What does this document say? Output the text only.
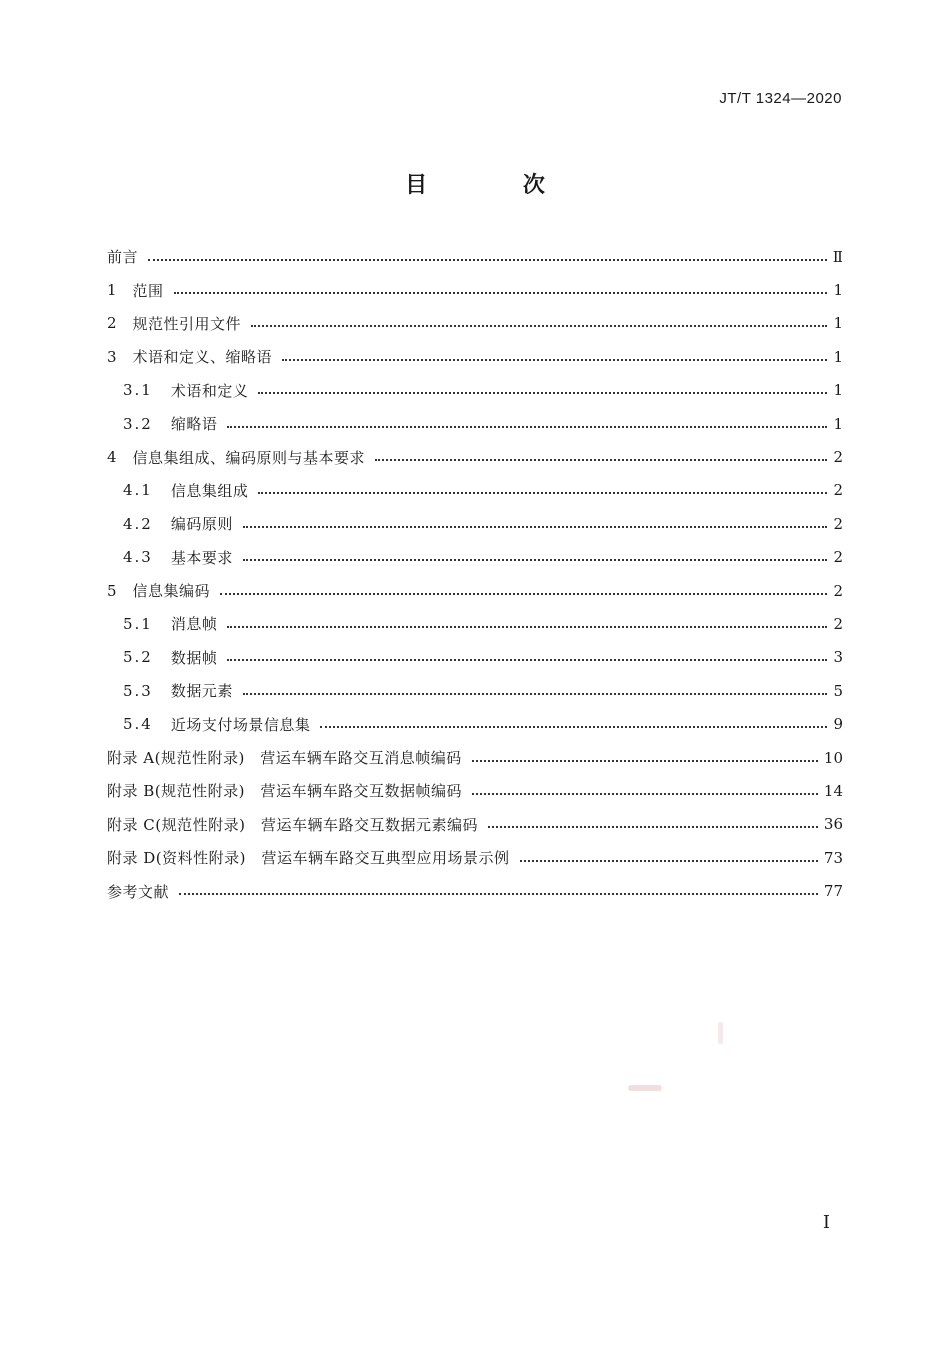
JT/T 1324—2020
目 次
前言	Ⅱ
1 范围	1
2 规范性引用文件	1
3 术语和定义、缩略语	1
3.1 术语和定义	1
3.2 缩略语	1
4 信息集组成、编码原则与基本要求	2
4.1 信息集组成	2
4.2 编码原则	2
4.3 基本要求	2
5 信息集编码	2
5.1 消息帧	2
5.2 数据帧	3
5.3 数据元素	5
5.4 近场支付场景信息集	9
附录 A(规范性附录)　营运车辆车路交互消息帧编码	10
附录 B(规范性附录)　营运车辆车路交互数据帧编码	14
附录 C(规范性附录)　营运车辆车路交互数据元素编码	36
附录 D(资料性附录)　营运车辆车路交互典型应用场景示例	73
参考文献	77
I
